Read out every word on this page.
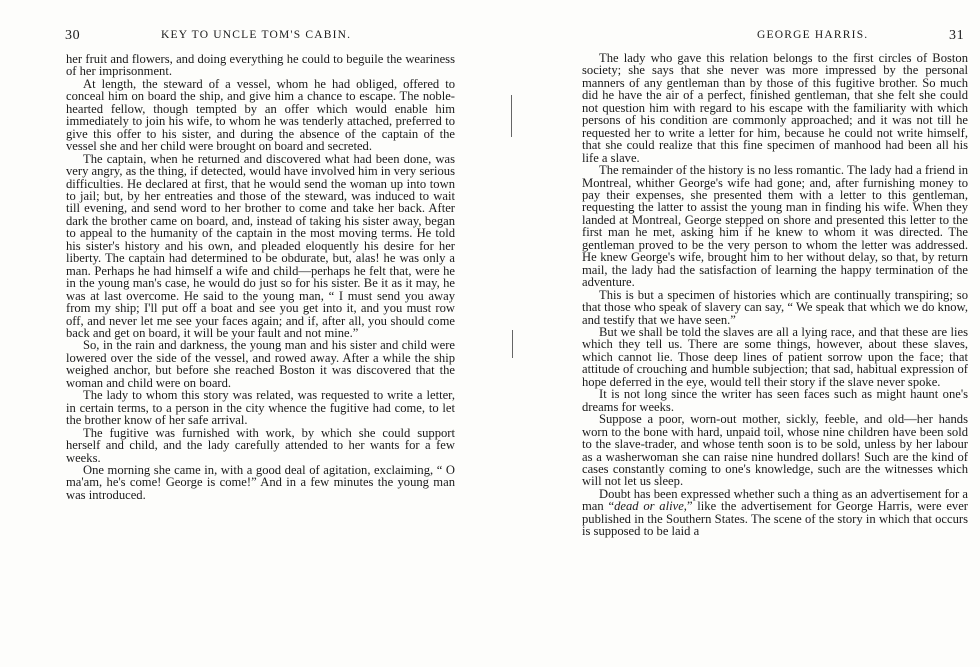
30	KEY TO UNCLE TOM'S CABIN.

her fruit and flowers, and doing everything he could to beguile the weariness of her imprisonment.

At length, the steward of a vessel, whom he had obliged, offered to conceal him on board the ship, and give him a chance to escape. The noble-hearted fellow, though tempted by an offer which would enable him immediately to join his wife, to whom he was tenderly attached, preferred to give this offer to his sister, and during the absence of the captain of the vessel she and her child were brought on board and secreted.

The captain, when he returned and discovered what had been done, was very angry, as the thing, if detected, would have involved him in very serious difficulties. He declared at first, that he would send the woman up into town to jail; but, by her entreaties and those of the steward, was induced to wait till evening, and send word to her brother to come and take her back. After dark the brother came on board, and, instead of taking his sister away, began to appeal to the humanity of the captain in the most moving terms. He told his sister's history and his own, and pleaded eloquently his desire for her liberty. The captain had determined to be obdurate, but, alas! he was only a man. Perhaps he had himself a wife and child—perhaps he felt that, were he in the young man's case, he would do just so for his sister. Be it as it may, he was at last overcome. He said to the young man, “ I must send you away from my ship; I'll put off a boat and see you get into it, and you must row off, and never let me see your faces again; and if, after all, you should come back and get on board, it will be your fault and not mine.”

So, in the rain and darkness, the young man and his sister and child were lowered over the side of the vessel, and rowed away. After a while the ship weighed anchor, but before she reached Boston it was discovered that the woman and child were on board.

The lady to whom this story was related, was requested to write a letter, in certain terms, to a person in the city whence the fugitive had come, to let the brother know of her safe arrival.

The fugitive was furnished with work, by which she could support herself and child, and the lady carefully attended to her wants for a few weeks.

One morning she came in, with a good deal of agitation, exclaiming, “ O ma'am, he's come! George is come!” And in a few minutes the young man was introduced.

GEORGE HARRIS.	31

The lady who gave this relation belongs to the first circles of Boston society; she says that she never was more impressed by the personal manners of any gentleman than by those of this fugitive brother. So much did he have the air of a perfect, finished gentleman, that she felt she could not question him with regard to his escape with the familiarity with which persons of his condition are commonly approached; and it was not till he requested her to write a letter for him, because he could not write himself, that she could realize that this fine specimen of manhood had been all his life a slave.

The remainder of the history is no less romantic. The lady had a friend in Montreal, whither George's wife had gone; and, after furnishing money to pay their expenses, she presented them with a letter to this gentleman, requesting the latter to assist the young man in finding his wife. When they landed at Montreal, George stepped on shore and presented this letter to the first man he met, asking him if he knew to whom it was directed. The gentleman proved to be the very person to whom the letter was addressed. He knew George's wife, brought him to her without delay, so that, by return mail, the lady had the satisfaction of learning the happy termination of the adventure.

This is but a specimen of histories which are continually transpiring; so that those who speak of slavery can say, “ We speak that which we do know, and testify that we have seen.”

But we shall be told the slaves are all a lying race, and that these are lies which they tell us. There are some things, however, about these slaves, which cannot lie. Those deep lines of patient sorrow upon the face; that attitude of crouching and humble subjection; that sad, habitual expression of hope deferred in the eye, would tell their story if the slave never spoke.

It is not long since the writer has seen faces such as might haunt one's dreams for weeks.

Suppose a poor, worn-out mother, sickly, feeble, and old—her hands worn to the bone with hard, unpaid toil, whose nine children have been sold to the slave-trader, and whose tenth soon is to be sold, unless by her labour as a washerwoman she can raise nine hundred dollars! Such are the kind of cases constantly coming to one's knowledge, such are the witnesses which will not let us sleep.

Doubt has been expressed whether such a thing as an advertisement for a man “dead or alive,” like the advertisement for George Harris, were ever published in the Southern States. The scene of the story in which that occurs is supposed to be laid a
